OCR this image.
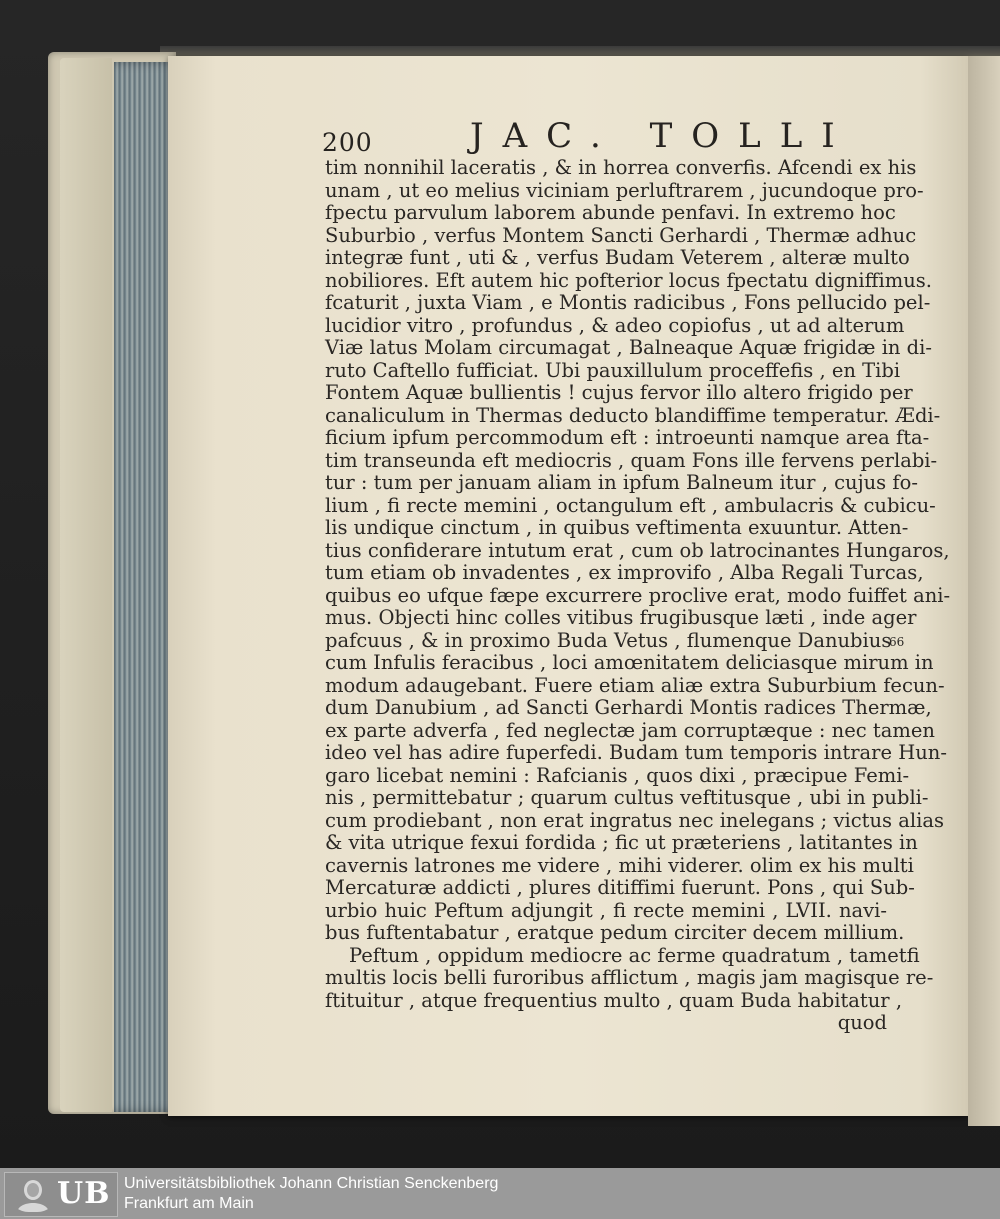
200	JAC. TOLLI
tim nonnihil laceratis , & in horrea converfis. Afcendi ex his
unam , ut eo melius viciniam perluftrarem , jucundoque pro-
fpectu parvulum laborem abunde penfavi. In extremo hoc
Suburbio , verfus Montem Sancti Gerhardi , Thermæ adhuc
integræ funt , uti & , verfus Budam Veterem , alteræ multo
nobiliores. Eft autem hic pofterior locus fpectatu digniffimus.
fcaturit , juxta Viam , e Montis radicibus , Fons pellucido pel-
lucidior vitro , profundus , & adeo copiofus , ut ad alterum
Viæ latus Molam circumagat , Balneaque Aquæ frigidæ in di-
ruto Caftello fufficiat. Ubi pauxillulum proceffefis , en Tibi
Fontem Aquæ bullientis ! cujus fervor illo altero frigido per
canaliculum in Thermas deducto blandiffime temperatur. Ædi-
ficium ipfum percommodum eft : introeunti namque area fta-
tim transeunda eft mediocris , quam Fons ille fervens perlabi-
tur : tum per januam aliam in ipfum Balneum itur , cujus fo-
lium , fi recte memini , octangulum eft , ambulacris & cubicu-
lis undique cinctum , in quibus veftimenta exuuntur. Atten-
tius confiderare intutum erat , cum ob latrocinantes Hungaros,
tum etiam ob invadentes , ex improvifo , Alba Regali Turcas,
quibus eo ufque fæpe excurrere proclive erat, modo fuiffet ani-
mus. Objecti hinc colles vitibus frugibusque læti , inde ager
pafcuus , & in proximo Buda Vetus , flumenque Danubius
cum Infulis feracibus , loci amœnitatem deliciasque mirum in
modum adaugebant. Fuere etiam aliæ extra Suburbium fecun-
dum Danubium , ad Sancti Gerhardi Montis radices Thermæ,
ex parte adverfa , fed neglectæ jam corruptæque : nec tamen
ideo vel has adire fuperfedi. Budam tum temporis intrare Hun-
garo licebat nemini : Rafcianis , quos dixi , præcipue Femi-
nis , permittebatur ; quarum cultus veftitusque , ubi in publi-
cum prodiebant , non erat ingratus nec inelegans ; victus alias
& vita utrique fexui fordida ; fic ut præteriens , latitantes in
cavernis latrones me videre , mihi viderer. olim ex his multi
Mercaturæ addicti , plures ditiffimi fuerunt. Pons , qui Sub-
urbio huic Peftum adjungit , fi recte memini , LVII. navi-
bus fuftentabatur , eratque pedum circiter decem millium.
Peftum , oppidum mediocre ac ferme quadratum , tametfi
multis locis belli furoribus afflictum , magis jam magisque re-
ftituitur , atque frequentius multo , quam Buda habitatur ,
quod
66
UB Universitätsbibliothek Johann Christian Senckenberg
Frankfurt am Main
